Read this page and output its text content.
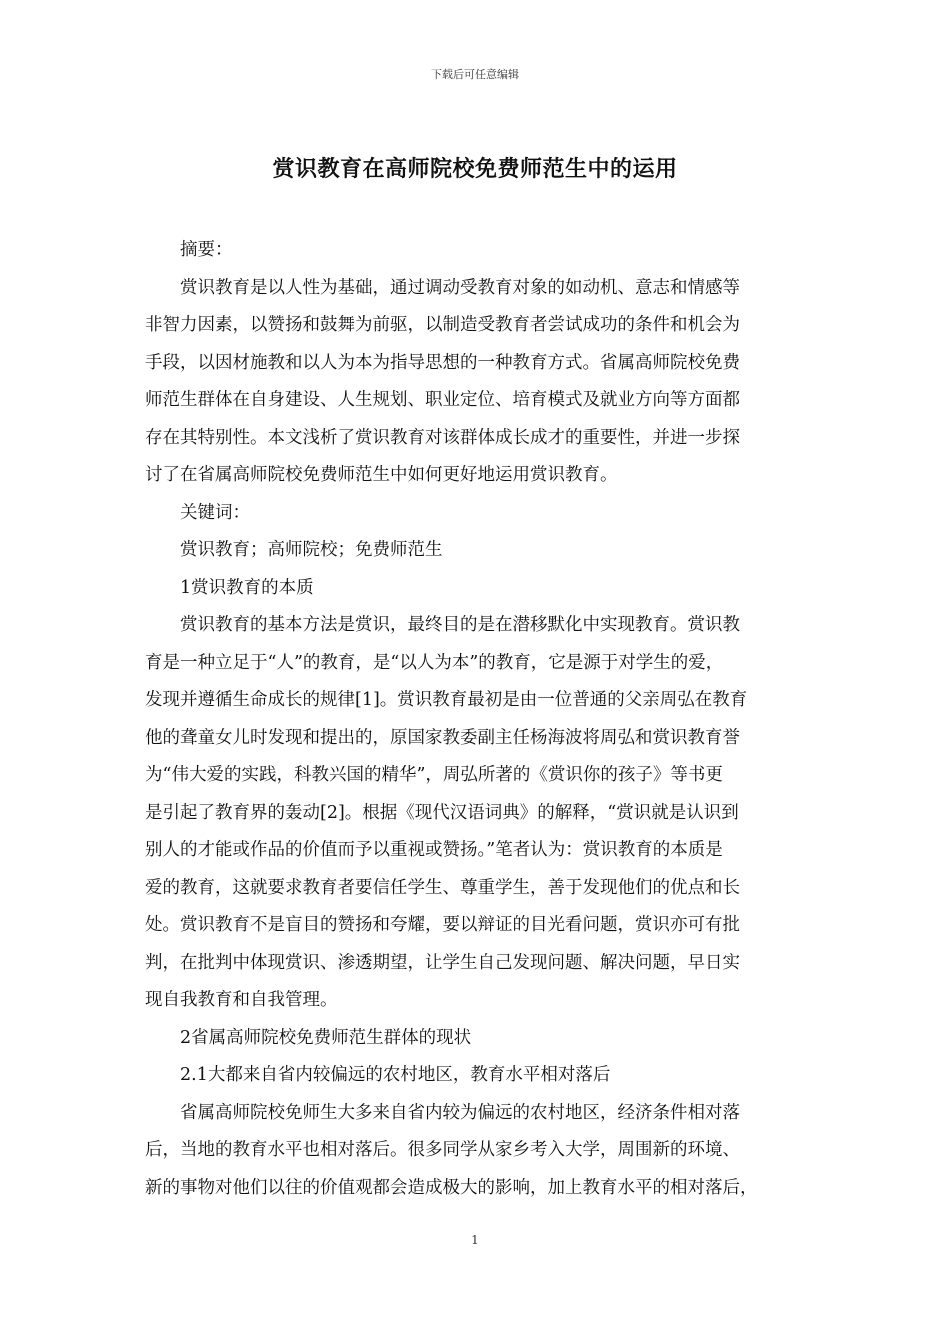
下载后可任意编辑
赏识教育在高师院校免费师范生中的运用
摘要：
赏识教育是以人性为基础，通过调动受教育对象的如动机、意志和情感等
非智力因素，以赞扬和鼓舞为前驱，以制造受教育者尝试成功的条件和机会为
手段，以因材施教和以人为本为指导思想的一种教育方式。省属高师院校免费
师范生群体在自身建设、人生规划、职业定位、培育模式及就业方向等方面都
存在其特别性。本文浅析了赏识教育对该群体成长成才的重要性，并进一步探
讨了在省属高师院校免费师范生中如何更好地运用赏识教育。
关键词：
赏识教育；高师院校；免费师范生
1赏识教育的本质
赏识教育的基本方法是赏识，最终目的是在潜移默化中实现教育。赏识教
育是一种立足于“人”的教育，是“以人为本”的教育，它是源于对学生的爱，
发现并遵循生命成长的规律[1]。赏识教育最初是由一位普通的父亲周弘在教育
他的聋童女儿时发现和提出的，原国家教委副主任杨海波将周弘和赏识教育誉
为“伟大爱的实践，科教兴国的精华”，周弘所著的《赏识你的孩子》等书更
是引起了教育界的轰动[2]。根据《现代汉语词典》的解释，“赏识就是认识到
别人的才能或作品的价值而予以重视或赞扬。”笔者认为：赏识教育的本质是
爱的教育，这就要求教育者要信任学生、尊重学生，善于发现他们的优点和长
处。赏识教育不是盲目的赞扬和夸耀，要以辩证的目光看问题，赏识亦可有批
判，在批判中体现赏识、渗透期望，让学生自己发现问题、解决问题，早日实
现自我教育和自我管理。
2省属高师院校免费师范生群体的现状
2.1大都来自省内较偏远的农村地区，教育水平相对落后
省属高师院校免师生大多来自省内较为偏远的农村地区，经济条件相对落
后，当地的教育水平也相对落后。很多同学从家乡考入大学，周围新的环境、
新的事物对他们以往的价值观都会造成极大的影响，加上教育水平的相对落后，
1
